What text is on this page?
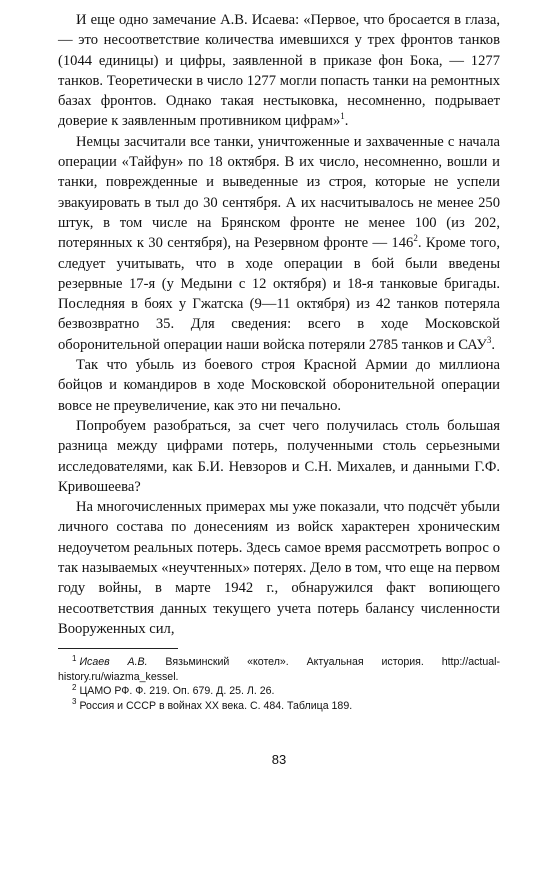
И еще одно замечание А.В. Исаева: «Первое, что бросается в глаза, — это несоответствие количества имевшихся у трех фронтов танков (1044 единицы) и цифры, заявленной в приказе фон Бока, — 1277 танков. Теоретически в число 1277 могли попасть танки на ремонтных базах фронтов. Однако такая нестыковка, несомненно, подрывает доверие к заявленным противником цифрам»$^1$.

Немцы засчитали все танки, уничтоженные и захваченные с начала операции «Тайфун» по 18 октября. В их число, несомненно, вошли и танки, поврежденные и выведенные из строя, которые не успели эвакуировать в тыл до 30 сентября. А их насчитывалось не менее 250 штук, в том числе на Брянском фронте не менее 100 (из 202, потерянных к 30 сентября), на Резервном фронте — $146^2$. Кроме того, следует учитывать, что в ходе операции в бой были введены резервные 17-я (у Медыни с 12 октября) и 18-я танковые бригады. Последняя в боях у Гжатска (9—11 октября) из 42 танков потеряла безвозвратно 35. Для сведения: всего в ходе Московской оборонительной операции наши войска потеряли 2785 танков и САУ$^3$.

Так что убыль из боевого строя Красной Армии до миллиона бойцов и командиров в ходе Московской оборонительной операции вовсе не преувеличение, как это ни печально.

Попробуем разобраться, за счет чего получилась столь большая разница между цифрами потерь, полученными столь серьезными исследователями, как Б.И. Невзоров и С.Н. Михалев, и данными Г.Ф. Кривошеева?

На многочисленных примерах мы уже показали, что подсчёт убыли личного состава по донесениям из войск характерен хроническим недоучетом реальных потерь. Здесь самое время рассмотреть вопрос о так называемых «неучтенных» потерях. Дело в том, что еще на первом году войны, в марте 1942 г., обнаружился факт вопиющего несоответствия данных текущего учета потерь балансу численности Вооруженных сил,

$^1$ Исаев А.В. Вязьминский «котел». Актуальная история. http://actual-history.ru/wiazma_kessel.

$^2$ ЦАМО РФ. Ф. 219. Оп. 679. Д. 25. Л. 26.

$^3$ Россия и СССР в войнах XX века. С. 484. Таблица 189.

83
